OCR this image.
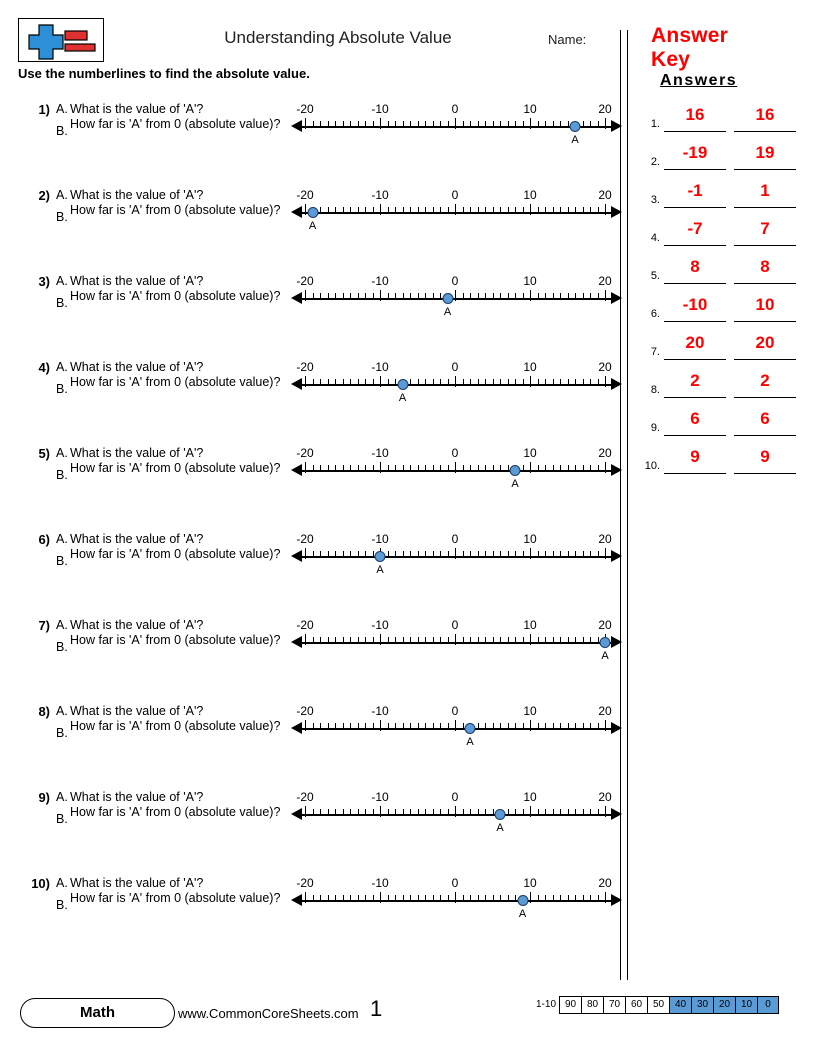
Understanding Absolute Value	Name:	Answer Key
Use the numberlines to find the absolute value.	Answers
1.	16	16
2.	-19	19
3.	-1	1
4.	-7	7
5.	8	8
6.	-10	10
7.	20	20
8.	2	2
9.	6	6
10.	9	9
1) A. What is the value of 'A'?
B. How far is 'A' from 0 (absolute value)?
-20	-10	0	10	20
A
2) A. What is the value of 'A'?
B. How far is 'A' from 0 (absolute value)?
-20	-10	0	10	20
A
3) A. What is the value of 'A'?
B. How far is 'A' from 0 (absolute value)?
-20	-10	0	10	20
A
4) A. What is the value of 'A'?
B. How far is 'A' from 0 (absolute value)?
-20	-10	0	10	20
A
5) A. What is the value of 'A'?
B. How far is 'A' from 0 (absolute value)?
-20	-10	0	10	20
A
6) A. What is the value of 'A'?
B. How far is 'A' from 0 (absolute value)?
-20	-10	0	10	20
A
7) A. What is the value of 'A'?
B. How far is 'A' from 0 (absolute value)?
-20	-10	0	10	20
A
8) A. What is the value of 'A'?
B. How far is 'A' from 0 (absolute value)?
-20	-10	0	10	20
A
9) A. What is the value of 'A'?
B. How far is 'A' from 0 (absolute value)?
-20	-10	0	10	20
A
10) A. What is the value of 'A'?
B. How far is 'A' from 0 (absolute value)?
-20	-10	0	10	20
A
Math	www.CommonCoreSheets.com 1	1-10 90	80	70	60	50	40	30	20	10	0
